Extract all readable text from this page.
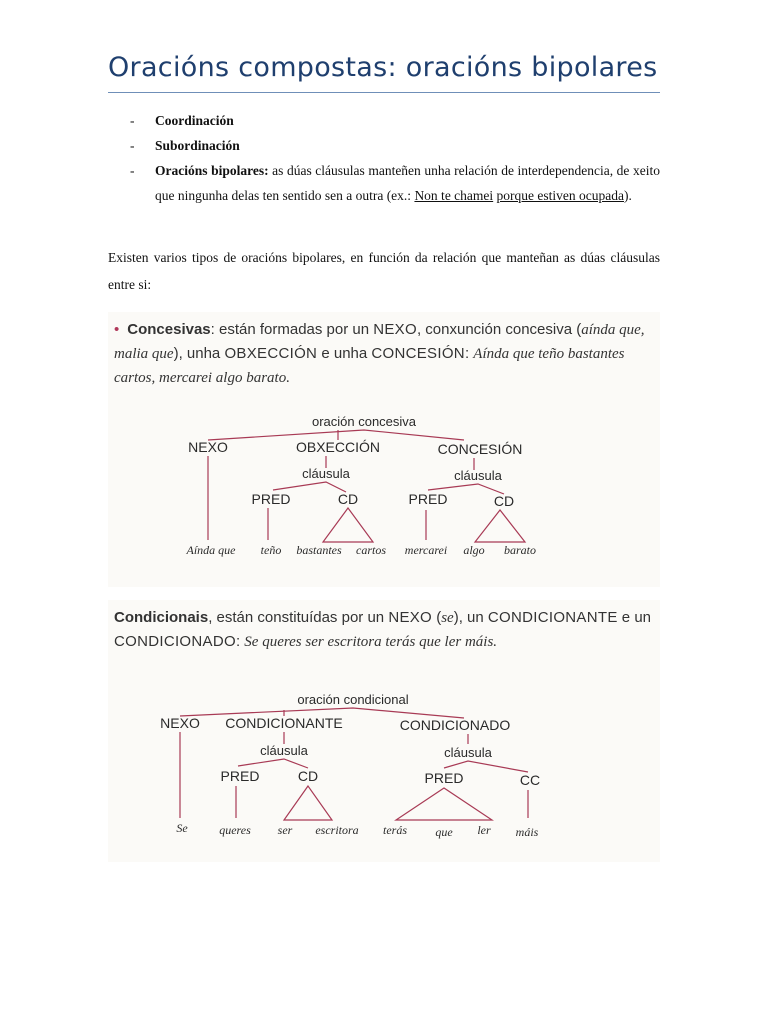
Oracións compostas: oracións bipolares
- Coordinación
- Subordinación
- Oracións bipolares: as dúas cláusulas manteñen unha relación de interdependencia, de xeito que ningunha delas ten sentido sen a outra (ex.: Non te chamei porque estiven ocupada).
Existen varios tipos de oracións bipolares, en función da relación que manteñan as dúas cláusulas entre si:
• Concesivas: están formadas por un NEXO, conxunción concesiva (aínda que, malia que), unha OBXECCIÓN e unha CONCESIÓN: Aínda que teño bastantes cartos, mercarei algo barato.
oración concesiva
NEXO	OBXECCIÓN	CONCESIÓN
cláusula	cláusula
PRED	CD	PRED	CD
Aínda que teño bastantes cartos mercarei algo barato
Condicionais, están constituídas por un NEXO (se), un CONDICIONANTE e un CONDICIONADO: Se queres ser escritora terás que ler máis.
oración condicional
NEXO CONDICIONANTE	CONDICIONADO
cláusula	cláusula
PRED	CD	PRED	CC
Se	queres ser escritora terás que ler máis
